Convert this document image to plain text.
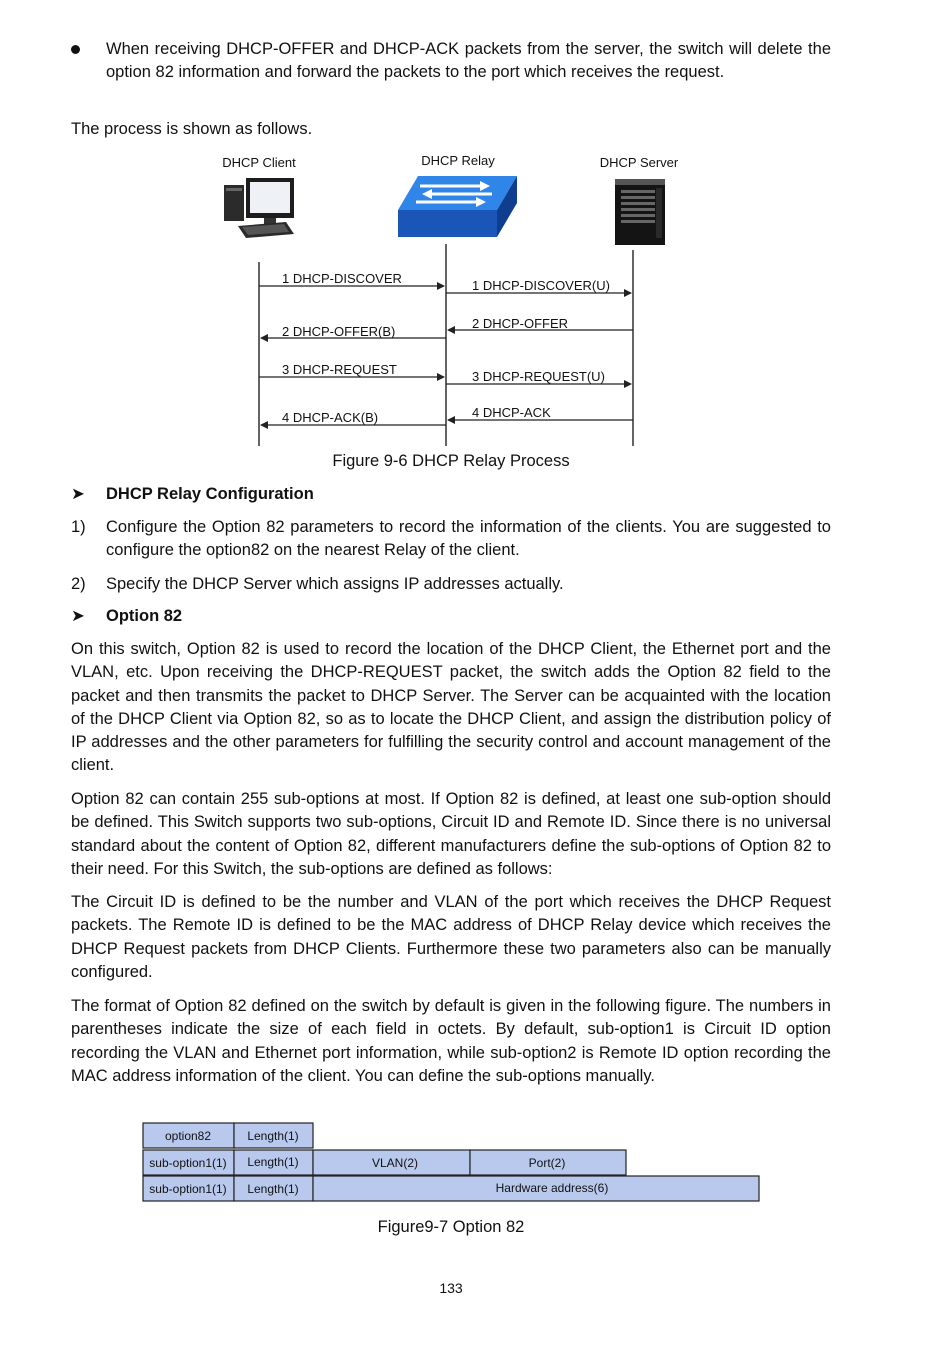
When receiving DHCP-OFFER and DHCP-ACK packets from the server, the switch will delete the option 82 information and forward the packets to the port which receives the request.

The process is shown as follows.

DHCP Client	DHCP Relay	DHCP Server
1 DHCP-DISCOVER
2 DHCP-OFFER(B)
3 DHCP-REQUEST
4 DHCP-ACK(B)
1 DHCP-DISCOVER(U)
2 DHCP-OFFER
3 DHCP-REQUEST(U)
4 DHCP-ACK
Figure 9-6 DHCP Relay Process
➤ DHCP Relay Configuration

1) Configure the Option 82 parameters to record the information of the clients. You are suggested to configure the option82 on the nearest Relay of the client.

2) Specify the DHCP Server which assigns IP addresses actually.

➤ Option 82

On this switch, Option 82 is used to record the location of the DHCP Client, the Ethernet port and the VLAN, etc. Upon receiving the DHCP-REQUEST packet, the switch adds the Option 82 field to the packet and then transmits the packet to DHCP Server. The Server can be acquainted with the location of the DHCP Client via Option 82, so as to locate the DHCP Client, and assign the distribution policy of IP addresses and the other parameters for fulfilling the security control and account management of the client.

Option 82 can contain 255 sub-options at most. If Option 82 is defined, at least one sub-option should be defined. This Switch supports two sub-options, Circuit ID and Remote ID. Since there is no universal standard about the content of Option 82, different manufacturers define the sub-options of Option 82 to their need. For this Switch, the sub-options are defined as follows:

The Circuit ID is defined to be the number and VLAN of the port which receives the DHCP Request packets. The Remote ID is defined to be the MAC address of DHCP Relay device which receives the DHCP Request packets from DHCP Clients. Furthermore these two parameters also can be manually configured.

The format of Option 82 defined on the switch by default is given in the following figure. The numbers in parentheses indicate the size of each field in octets. By default, sub-option1 is Circuit ID option recording the VLAN and Ethernet port information, while sub-option2 is Remote ID option recording the MAC address information of the client. You can define the sub-options manually.

option82	Length(1)
sub-option1(1) Length(1)	VLAN(2)	Port(2)
sub-option1(1) Length(1)	Hardware address(6)
Figure9-7 Option 82
133
